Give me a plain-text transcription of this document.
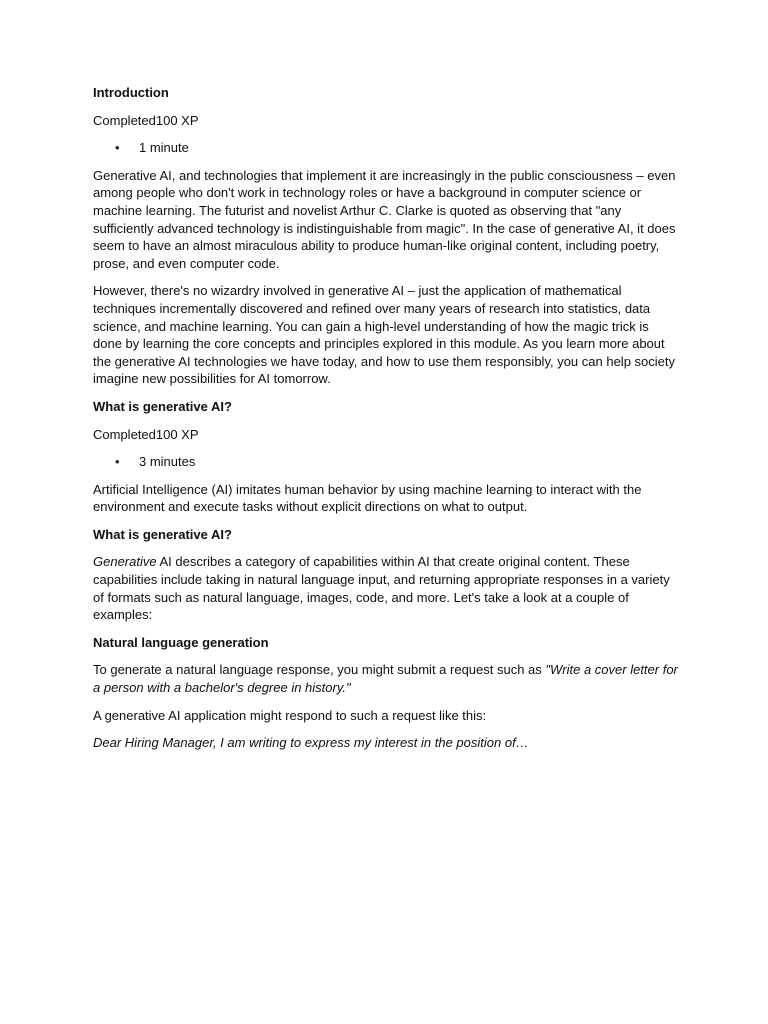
Introduction

Completed100 XP

• 1 minute

Generative AI, and technologies that implement it are increasingly in the public consciousness – even among people who don't work in technology roles or have a background in computer science or machine learning. The futurist and novelist Arthur C. Clarke is quoted as observing that "any sufficiently advanced technology is indistinguishable from magic". In the case of generative AI, it does seem to have an almost miraculous ability to produce human-like original content, including poetry, prose, and even computer code.

However, there's no wizardry involved in generative AI – just the application of mathematical techniques incrementally discovered and refined over many years of research into statistics, data science, and machine learning. You can gain a high-level understanding of how the magic trick is done by learning the core concepts and principles explored in this module. As you learn more about the generative AI technologies we have today, and how to use them responsibly, you can help society imagine new possibilities for AI tomorrow.

What is generative AI?

Completed100 XP

• 3 minutes

Artificial Intelligence (AI) imitates human behavior by using machine learning to interact with the environment and execute tasks without explicit directions on what to output.

What is generative AI?

Generative AI describes a category of capabilities within AI that create original content. These capabilities include taking in natural language input, and returning appropriate responses in a variety of formats such as natural language, images, code, and more. Let's take a look at a couple of examples:

Natural language generation

To generate a natural language response, you might submit a request such as "Write a cover letter for a person with a bachelor's degree in history."

A generative AI application might respond to such a request like this:

Dear Hiring Manager, I am writing to express my interest in the position of…
